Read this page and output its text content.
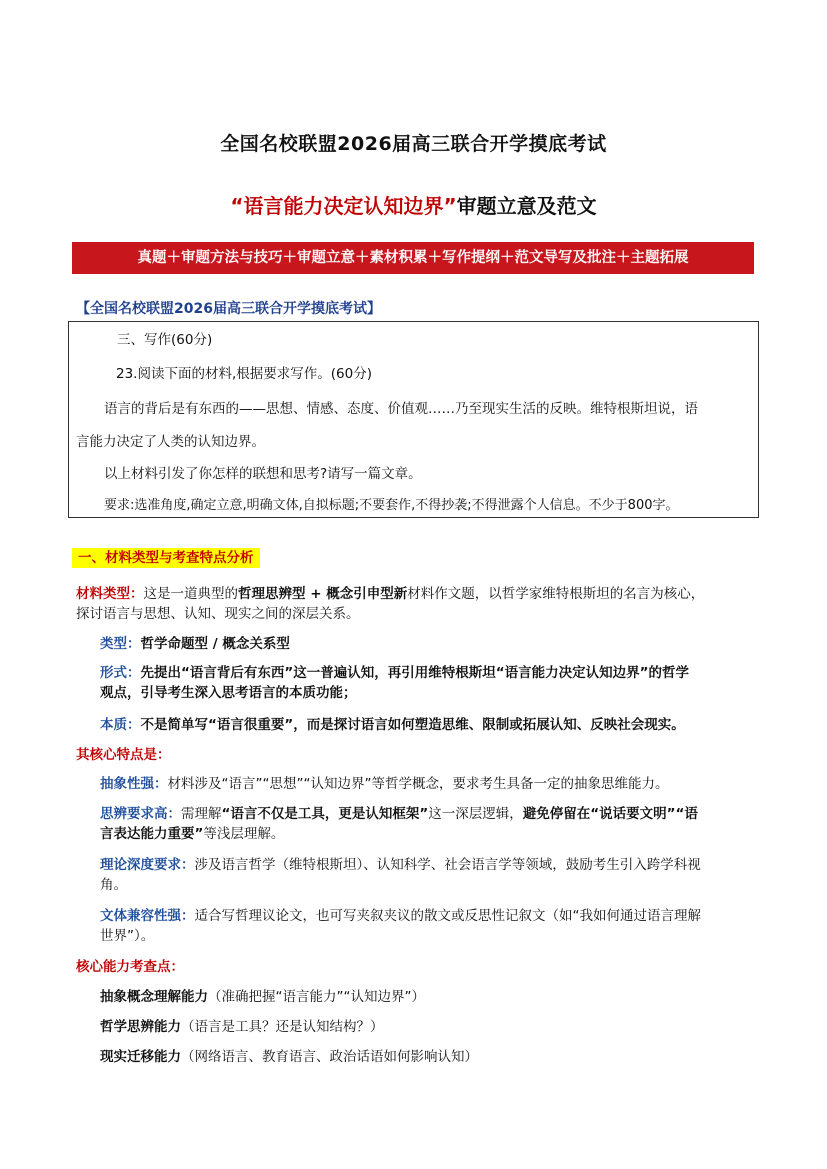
全国名校联盟2026届高三联合开学摸底考试
“语言能力决定认知边界”审题立意及范文
真题＋审题方法与技巧＋审题立意＋素材积累＋写作提纲＋范文导写及批注＋主题拓展
【全国名校联盟2026届高三联合开学摸底考试】
三、写作(60分)
23.阅读下面的材料,根据要求写作。(60分)
语言的背后是有东西的——思想、情感、态度、价值观……乃至现实生活的反映。维特根斯坦说，语
言能力决定了人类的认知边界。
以上材料引发了你怎样的联想和思考?请写一篇文章。
要求:选准角度,确定立意,明确文体,自拟标题;不要套作,不得抄袭;不得泄露个人信息。不少于800字。
一、材料类型与考查特点分析
材料类型：这是一道典型的哲理思辨型 + 概念引申型新材料作文题，以哲学家维特根斯坦的名言为核心，
探讨语言与思想、认知、现实之间的深层关系。
类型：哲学命题型 / 概念关系型
形式：先提出“语言背后有东西”这一普遍认知，再引用维特根斯坦“语言能力决定认知边界”的哲学
观点，引导考生深入思考语言的本质功能；
本质：不是简单写“语言很重要”，而是探讨语言如何塑造思维、限制或拓展认知、反映社会现实。
其核心特点是：
抽象性强：材料涉及“语言”“思想”“认知边界”等哲学概念，要求考生具备一定的抽象思维能力。
思辨要求高：需理解“语言不仅是工具，更是认知框架”这一深层逻辑，避免停留在“说话要文明”“语
言表达能力重要”等浅层理解。
理论深度要求：涉及语言哲学（维特根斯坦）、认知科学、社会语言学等领域，鼓励考生引入跨学科视
角。
文体兼容性强：适合写哲理议论文，也可写夹叙夹议的散文或反思性记叙文（如“我如何通过语言理解
世界”）。
核心能力考查点：
抽象概念理解能力（准确把握“语言能力”“认知边界”）
哲学思辨能力（语言是工具？还是认知结构？）
现实迁移能力（网络语言、教育语言、政治话语如何影响认知）
